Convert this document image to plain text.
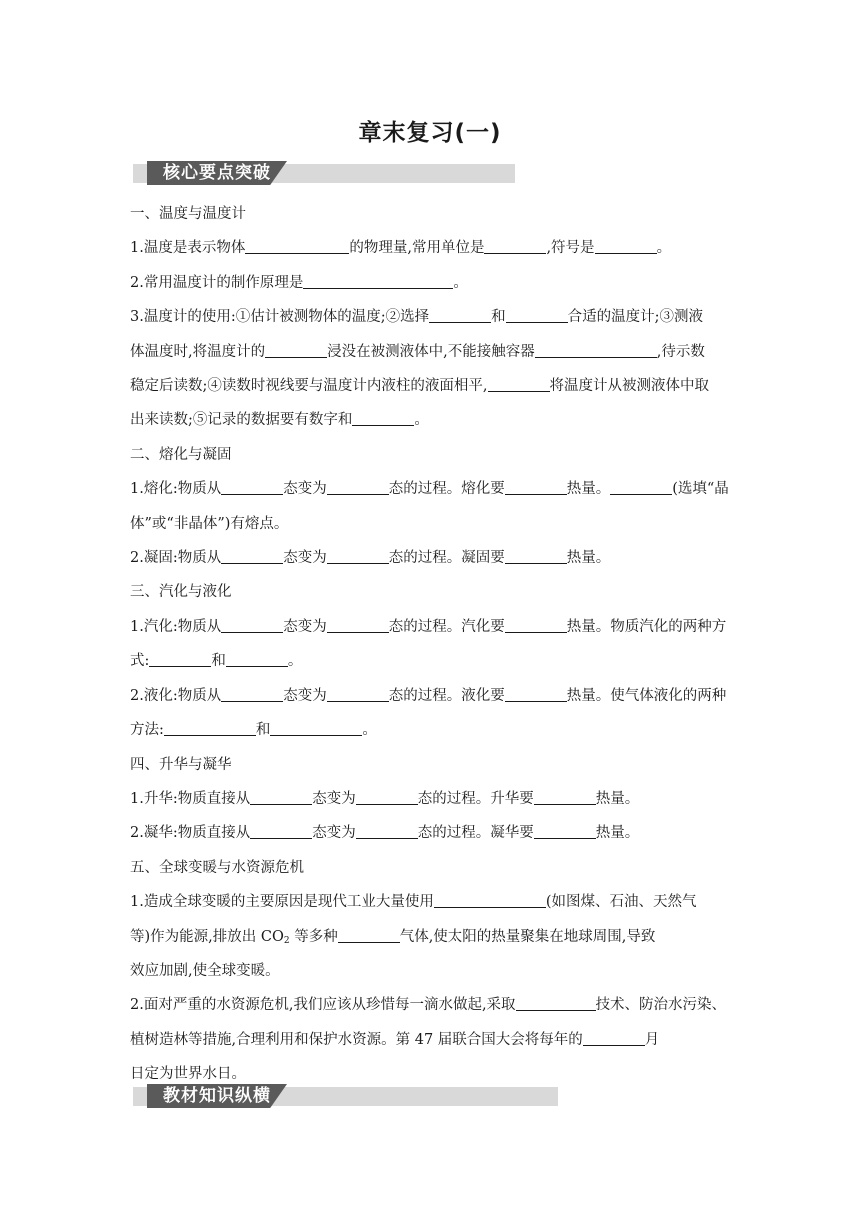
章末复习(一)
核心要点突破

一、温度与温度计

1.温度是表示物体	的物理量,常用单位是	,符号是	。

2.常用温度计的制作原理是	。

3.温度计的使用:①估计被测物体的温度;②选择	和	合适的温度计;③测液

体温度时,将温度计的	浸没在被测液体中,不能接触容器	,待示数

稳定后读数;④读数时视线要与温度计内液柱的液面相平,	将温度计从被测液体中取

出来读数;⑤记录的数据要有数字和	。

二、熔化与凝固

1.熔化:物质从	态变为	态的过程。熔化要	热量。	(选填“晶

体”或“非晶体”)有熔点。

2.凝固:物质从	态变为	态的过程。凝固要	热量。

三、汽化与液化

1.汽化:物质从	态变为	态的过程。汽化要	热量。物质汽化的两种方

式:	和	。

2.液化:物质从	态变为	态的过程。液化要	热量。使气体液化的两种

方法:	和	。

四、升华与凝华

1.升华:物质直接从	态变为	态的过程。升华要	热量。

2.凝华:物质直接从	态变为	态的过程。凝华要	热量。

五、全球变暖与水资源危机

1.造成全球变暖的主要原因是现代工业大量使用	(如图煤、石油、天然气

等)作为能源,排放出 $CO_2$ 等多种	气体,使太阳的热量聚集在地球周围,导致

效应加剧,使全球变暖。

2.面对严重的水资源危机,我们应该从珍惜每一滴水做起,采取	技术、防治水污染、

植树造林等措施,合理利用和保护水资源。第 47 届联合国大会将每年的	月

日定为世界水日。

教材知识纵横
